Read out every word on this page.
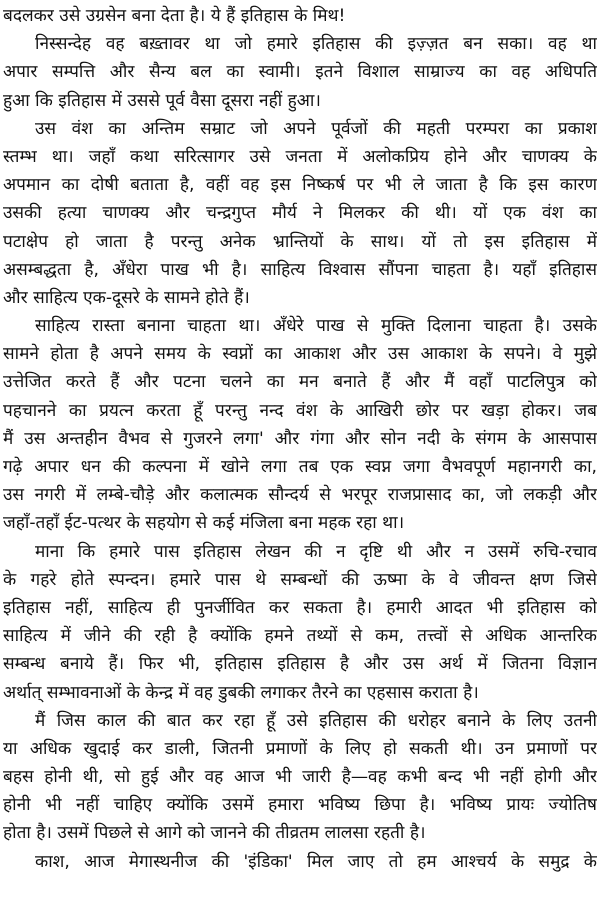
बदलकर उसे उग्रसेन बना देता है। ये हैं इतिहास के मिथ!
निस्सन्देह वह बख़्तावर था जो हमारे इतिहास की इज़्ज़त बन सका। वह था
अपार सम्पत्ति और सैन्य बल का स्वामी। इतने विशाल साम्राज्य का वह अधिपति
हुआ कि इतिहास में उससे पूर्व वैसा दूसरा नहीं हुआ।
उस वंश का अन्तिम सम्राट जो अपने पूर्वजों की महती परम्परा का प्रकाश
स्तम्भ था। जहाँ कथा सरित्सागर उसे जनता में अलोकप्रिय होने और चाणक्य के
अपमान का दोषी बताता है, वहीं वह इस निष्कर्ष पर भी ले जाता है कि इस कारण
उसकी हत्या चाणक्य और चन्द्रगुप्त मौर्य ने मिलकर की थी। यों एक वंश का
पटाक्षेप हो जाता है परन्तु अनेक भ्रान्तियों के साथ। यों तो इस इतिहास में
असम्बद्धता है, अँधेरा पाख भी है। साहित्य विश्वास सौंपना चाहता है। यहाँ इतिहास
और साहित्य एक-दूसरे के सामने होते हैं।
साहित्य रास्ता बनाना चाहता था। अँधेरे पाख से मुक्ति दिलाना चाहता है। उसके
सामने होता है अपने समय के स्वप्नों का आकाश और उस आकाश के सपने। वे मुझे
उत्तेजित करते हैं और पटना चलने का मन बनाते हैं और मैं वहाँ पाटलिपुत्र को
पहचानने का प्रयत्न करता हूँ परन्तु नन्द वंश के आखिरी छोर पर खड़ा होकर। जब
मैं उस अन्तहीन वैभव से गुजरने लगा' और गंगा और सोन नदी के संगम के आसपास
गढ़े अपार धन की कल्पना में खोने लगा तब एक स्वप्न जगा वैभवपूर्ण महानगरी का,
उस नगरी में लम्बे-चौड़े और कलात्मक सौन्दर्य से भरपूर राजप्रासाद का, जो लकड़ी और
जहाँ-तहाँ ईट-पत्थर के सहयोग से कई मंजिला बना महक रहा था।
माना कि हमारे पास इतिहास लेखन की न दृष्टि थी और न उसमें रुचि-रचाव
के गहरे होते स्पन्दन। हमारे पास थे सम्बन्धों की ऊष्मा के वे जीवन्त क्षण जिसे
इतिहास नहीं, साहित्य ही पुनर्जीवित कर सकता है। हमारी आदत भी इतिहास को
साहित्य में जीने की रही है क्योंकि हमने तथ्यों से कम, तत्त्वों से अधिक आन्तरिक
सम्बन्ध बनाये हैं। फिर भी, इतिहास इतिहास है और उस अर्थ में जितना विज्ञान
अर्थात् सम्भावनाओं के केन्द्र में वह डुबकी लगाकर तैरने का एहसास कराता है।
मैं जिस काल की बात कर रहा हूँ उसे इतिहास की धरोहर बनाने के लिए उतनी
या अधिक खुदाई कर डाली, जितनी प्रमाणों के लिए हो सकती थी। उन प्रमाणों पर
बहस होनी थी, सो हुई और वह आज भी जारी है—वह कभी बन्द भी नहीं होगी और
होनी भी नहीं चाहिए क्योंकि उसमें हमारा भविष्य छिपा है। भविष्य प्रायः ज्योतिष
होता है। उसमें पिछले से आगे को जानने की तीव्रतम लालसा रहती है।
काश, आज मेगास्थनीज की 'इंडिका' मिल जाए तो हम आश्चर्य के समुद्र के
